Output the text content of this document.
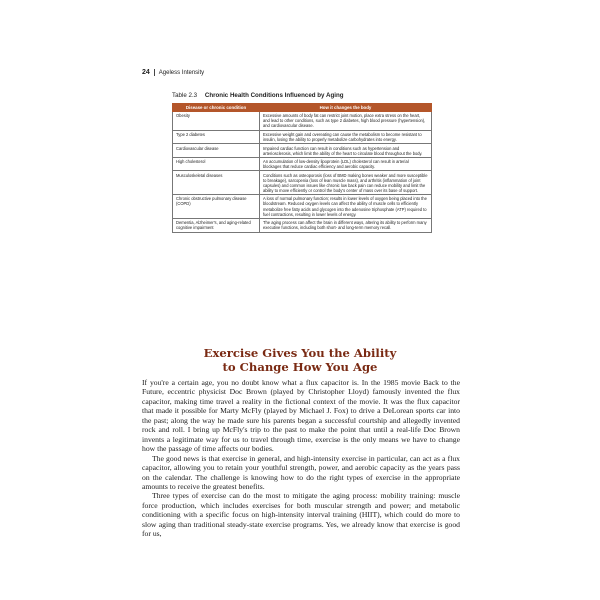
24 Ageless Intensity
Table 2.3 Chronic Health Conditions Influenced by Aging
Disease or chronic condition	How it changes the body
Obesity	Excessive amounts of body fat can restrict joint motion, place extra stress on the heart, and lead to other conditions, such as type 2 diabetes, high blood pressure (hypertension), and cardiovascular disease.
Type 2 diabetes	Excessive weight gain and overeating can cause the metabolism to become resistant to insulin, losing the ability to properly metabolize carbohydrates into energy.
Cardiovascular disease	Impaired cardiac function can result in conditions such as hypertension and arteriosclerosis, which limit the ability of the heart to circulate blood throughout the body.
High cholesterol	An accumulation of low-density lipoprotein (LDL) cholesterol can result in arterial blockages that reduce cardiac efficiency and aerobic capacity.
Musculoskeletal diseases	Conditions such as osteoporosis (loss of BMD making bones weaker and more susceptible to breakage), sarcopenia (loss of lean muscle mass), and arthritis (inflammation of joint capsules) and common issues like chronic low back pain can reduce mobility and limit the ability to move efficiently or control the body's center of mass over its base of support.
Chronic obstructive pulmonary disease (COPD)	A loss of normal pulmonary function; results in lower levels of oxygen being placed into the bloodstream. Reduced oxygen levels can affect the ability of muscle cells to efficiently metabolize free fatty acids and glycogen into the adenosine triphosphate (ATP) required to fuel contractions, resulting in lower levels of energy.
Dementia, Alzheimer's, and aging-related cognitive impairment	The aging process can affect the brain in different ways, altering its ability to perform many executive functions, including both short- and long-term memory recall.
Exercise Gives You the Ability
to Change How You Age

If you're a certain age, you no doubt know what a flux capacitor is. In the 1985 movie Back to the Future, eccentric physicist Doc Brown (played by Christopher Lloyd) famously invented the flux capacitor, making time travel a reality in the fictional context of the movie. It was the flux capacitor that made it possible for Marty McFly (played by Michael J. Fox) to drive a DeLorean sports car into the past; along the way he made sure his parents began a successful courtship and allegedly invented rock and roll. I bring up McFly's trip to the past to make the point that until a real-life Doc Brown invents a legitimate way for us to travel through time, exercise is the only means we have to change how the passage of time affects our bodies.

The good news is that exercise in general, and high-intensity exercise in particular, can act as a flux capacitor, allowing you to retain your youthful strength, power, and aerobic capacity as the years pass on the calendar. The challenge is knowing how to do the right types of exercise in the appropriate amounts to receive the greatest benefits.

Three types of exercise can do the most to mitigate the aging process: mobility training: muscle force production, which includes exercises for both muscular strength and power; and metabolic conditioning with a specific focus on high-intensity interval training (HIIT), which could do more to slow aging than traditional steady-state exercise programs. Yes, we already know that exercise is good for us,
